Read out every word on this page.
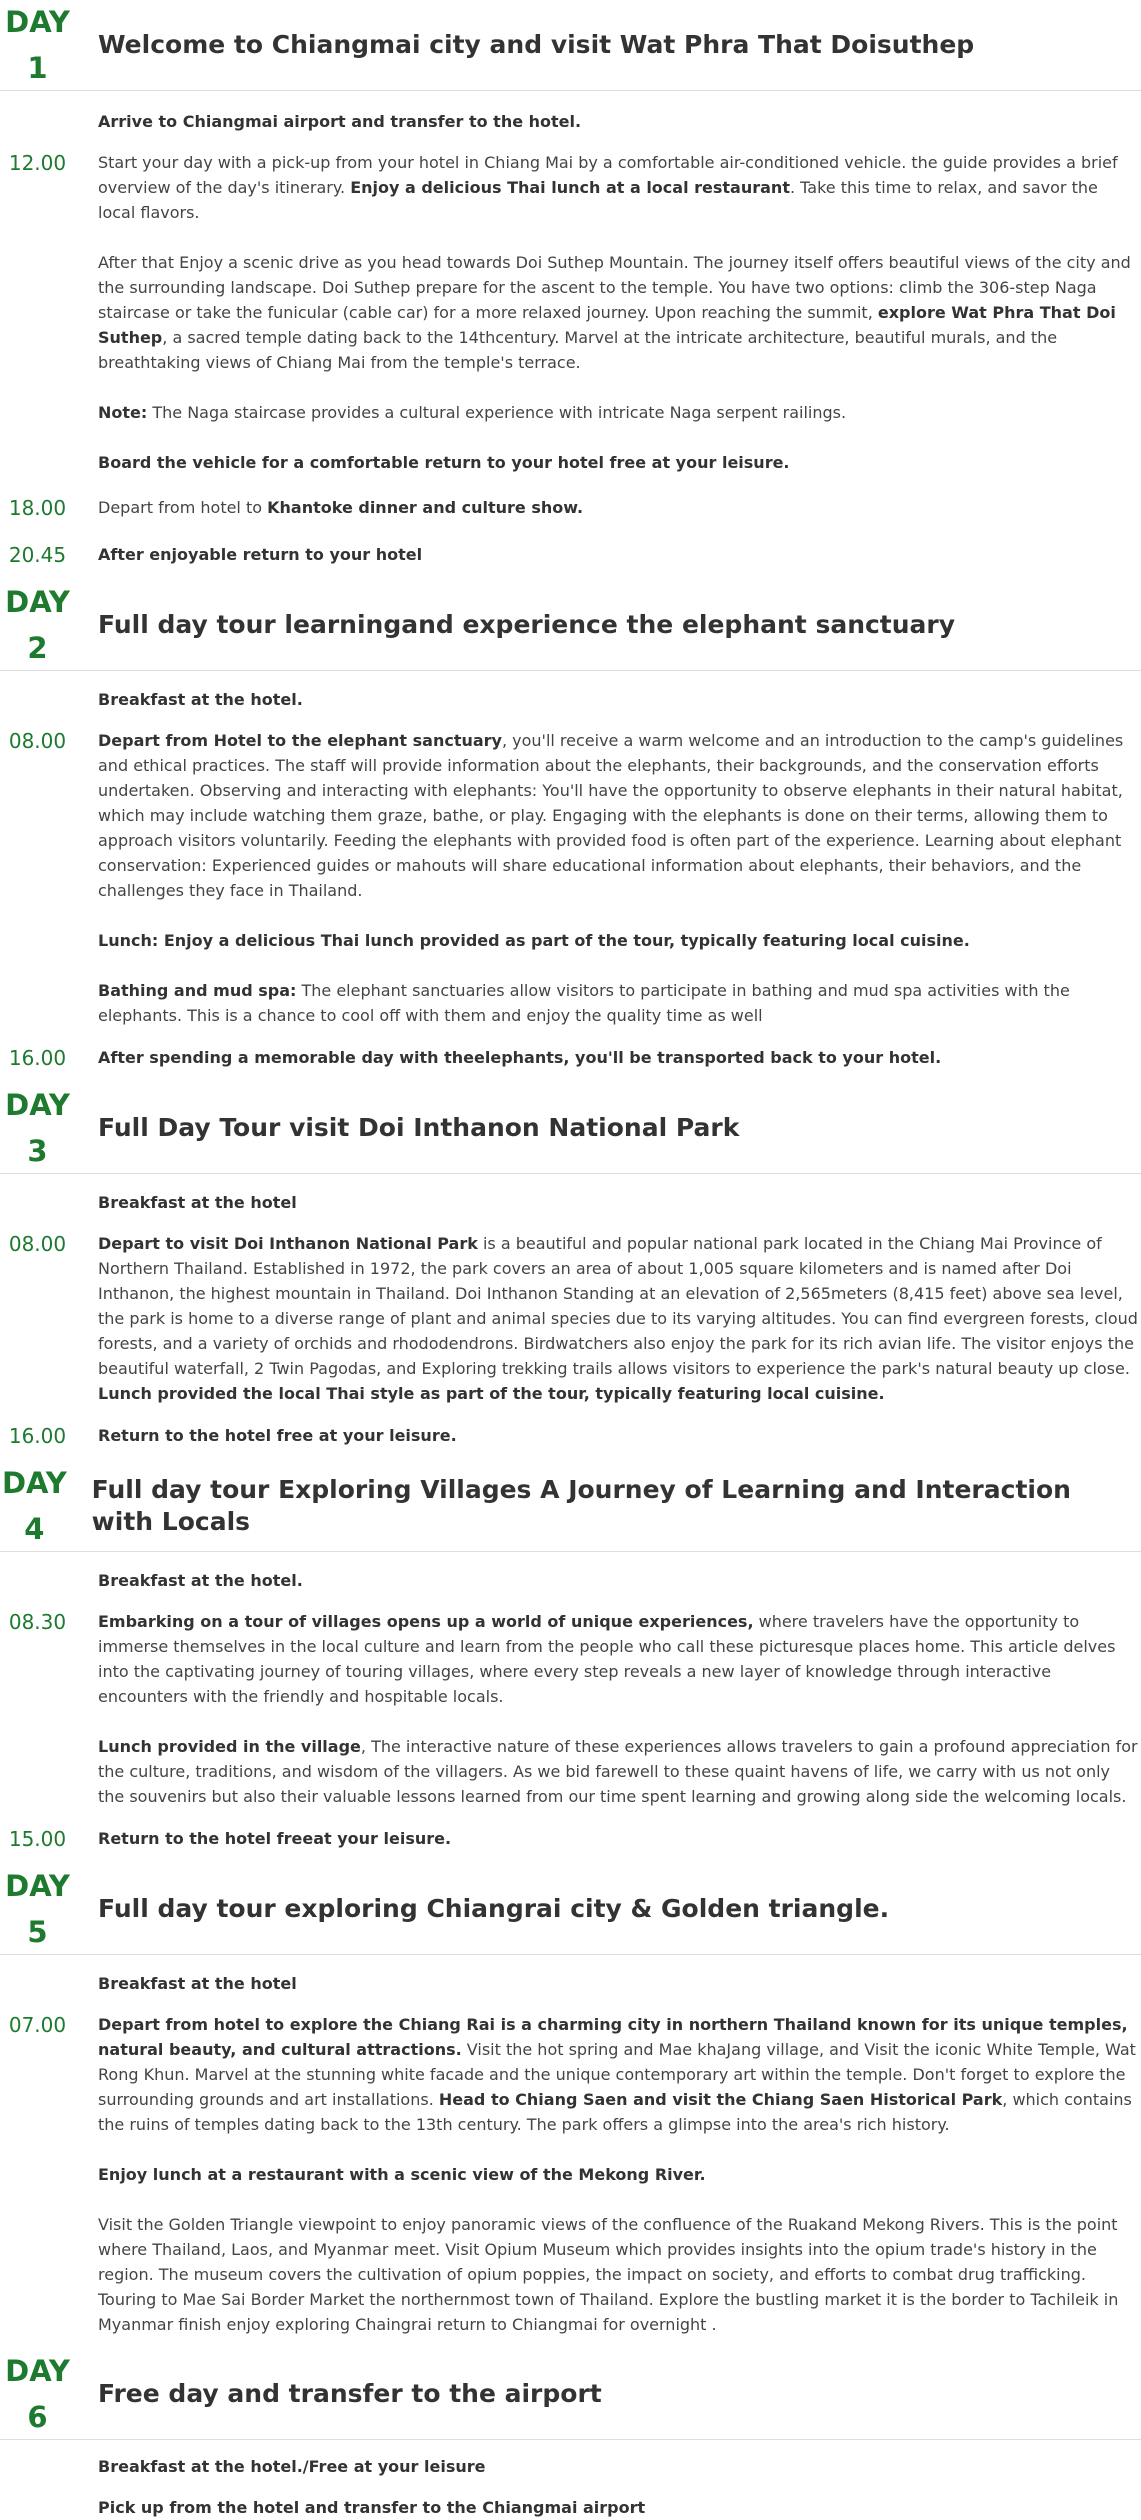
DAY
1
Welcome to Chiangmai city and visit Wat Phra That Doisuthep
Arrive to Chiangmai airport and transfer to the hotel.
12.00	Start your day with a pick-up from your hotel in Chiang Mai by a comfortable air-conditioned vehicle. the guide provides a brief overview of the day's itinerary. Enjoy a delicious Thai lunch at a local restaurant. Take this time to relax, and savor the local flavors.

After that Enjoy a scenic drive as you head towards Doi Suthep Mountain. The journey itself offers beautiful views of the city and the surrounding landscape. Doi Suthep prepare for the ascent to the temple. You have two options: climb the 306-step Naga staircase or take the funicular (cable car) for a more relaxed journey. Upon reaching the summit, explore Wat Phra That Doi Suthep, a sacred temple dating back to the 14thcentury. Marvel at the intricate architecture, beautiful murals, and the breathtaking views of Chiang Mai from the temple's terrace.

Note: The Naga staircase provides a cultural experience with intricate Naga serpent railings.

Board the vehicle for a comfortable return to your hotel free at your leisure.

18.00	Depart from hotel to Khantoke dinner and culture show.
20.45	After enjoyable return to your hotel
DAY
2
Full day tour learningand experience the elephant sanctuary
Breakfast at the hotel.
08.00	Depart from Hotel to the elephant sanctuary, you'll receive a warm welcome and an introduction to the camp's guidelines and ethical practices. The staff will provide information about the elephants, their backgrounds, and the conservation efforts undertaken. Observing and interacting with elephants: You'll have the opportunity to observe elephants in their natural habitat, which may include watching them graze, bathe, or play. Engaging with the elephants is done on their terms, allowing them to approach visitors voluntarily. Feeding the elephants with provided food is often part of the experience. Learning about elephant conservation: Experienced guides or mahouts will share educational information about elephants, their behaviors, and the challenges they face in Thailand.

Lunch: Enjoy a delicious Thai lunch provided as part of the tour, typically featuring local cuisine.

Bathing and mud spa: The elephant sanctuaries allow visitors to participate in bathing and mud spa activities with the elephants. This is a chance to cool off with them and enjoy the quality time as well

16.00	After spending a memorable day with theelephants, you'll be transported back to your hotel.
DAY
3
Full Day Tour visit Doi Inthanon National Park
Breakfast at the hotel
08.00	Depart to visit Doi Inthanon National Park is a beautiful and popular national park located in the Chiang Mai Province of Northern Thailand. Established in 1972, the park covers an area of about 1,005 square kilometers and is named after Doi Inthanon, the highest mountain in Thailand. Doi Inthanon Standing at an elevation of 2,565meters (8,415 feet) above sea level, the park is home to a diverse range of plant and animal species due to its varying altitudes. You can find evergreen forests, cloud forests, and a variety of orchids and rhododendrons. Birdwatchers also enjoy the park for its rich avian life. The visitor enjoys the beautiful waterfall, 2 Twin Pagodas, and Exploring trekking trails allows visitors to experience the park's natural beauty up close. Lunch provided the local Thai style as part of the tour, typically featuring local cuisine.

16.00	Return to the hotel free at your leisure.
DAY
4
Full day tour Exploring Villages A Journey of Learning and Interaction with Locals
Breakfast at the hotel.
08.30	Embarking on a tour of villages opens up a world of unique experiences, where travelers have the opportunity to immerse themselves in the local culture and learn from the people who call these picturesque places home. This article delves into the captivating journey of touring villages, where every step reveals a new layer of knowledge through interactive encounters with the friendly and hospitable locals.

Lunch provided in the village, The interactive nature of these experiences allows travelers to gain a profound appreciation for the culture, traditions, and wisdom of the villagers. As we bid farewell to these quaint havens of life, we carry with us not only the souvenirs but also their valuable lessons learned from our time spent learning and growing along side the welcoming locals.

15.00	Return to the hotel freeat your leisure.
DAY
5
Full day tour exploring Chiangrai city & Golden triangle.
Breakfast at the hotel
07.00	Depart from hotel to explore the Chiang Rai is a charming city in northern Thailand known for its unique temples, natural beauty, and cultural attractions. Visit the hot spring and Mae khaJang village, and Visit the iconic White Temple, Wat Rong Khun. Marvel at the stunning white facade and the unique contemporary art within the temple. Don't forget to explore the surrounding grounds and art installations. Head to Chiang Saen and visit the Chiang Saen Historical Park, which contains the ruins of temples dating back to the 13th century. The park offers a glimpse into the area's rich history.

Enjoy lunch at a restaurant with a scenic view of the Mekong River.

Visit the Golden Triangle viewpoint to enjoy panoramic views of the confluence of the Ruakand Mekong Rivers. This is the point where Thailand, Laos, and Myanmar meet. Visit Opium Museum which provides insights into the opium trade's history in the region. The museum covers the cultivation of opium poppies, the impact on society, and efforts to combat drug trafficking. Touring to Mae Sai Border Market the northernmost town of Thailand. Explore the bustling market it is the border to Tachileik in Myanmar finish enjoy exploring Chaingrai return to Chiangmai for overnight .

DAY
6
Free day and transfer to the airport
Breakfast at the hotel./Free at your leisure
Pick up from the hotel and transfer to the Chiangmai airport
